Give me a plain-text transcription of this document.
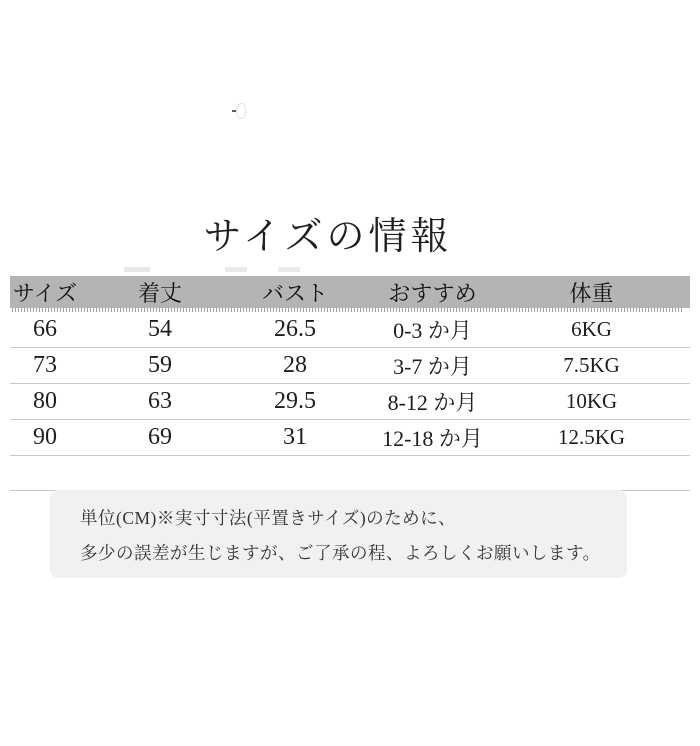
サイズの情報
サイズ	着丈	バスト	おすすめ	体重
66	54	26.5	0-3 か月	6KG
73	59	28	3-7 か月	7.5KG
80	63	29.5	8-12 か月	10KG
90	69	31	12-18 か月	12.5KG

単位(CM)※実寸寸法(平置きサイズ)のために、

多少の誤差が生じますが、ご了承の程、よろしくお願いします。
